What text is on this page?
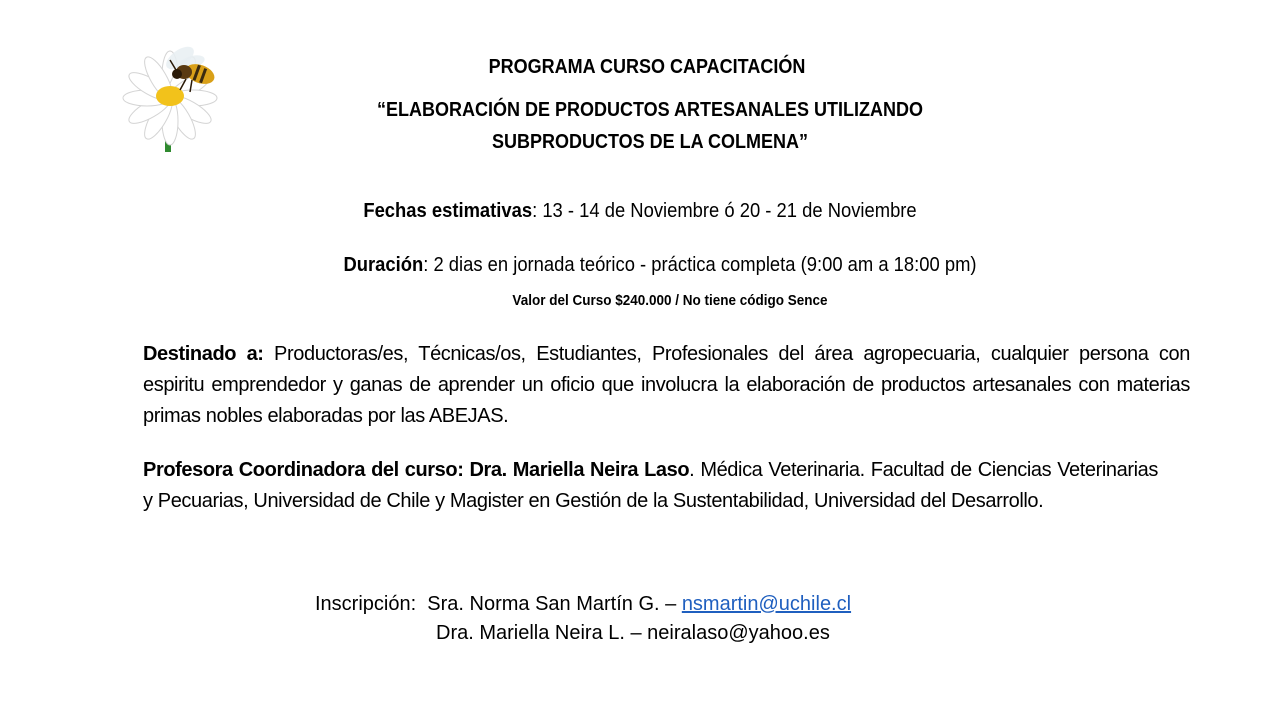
PROGRAMA CURSO CAPACITACIÓN
“ELABORACIÓN DE PRODUCTOS ARTESANALES UTILIZANDO
SUBPRODUCTOS DE LA COLMENA”
Fechas estimativas: 13 - 14 de Noviembre ó 20 - 21 de Noviembre
Duración: 2 dias en jornada teórico - práctica completa (9:00 am a 18:00 pm)
Valor del Curso $240.000 / No tiene código Sence
Destinado a: Productoras/es, Técnicas/os, Estudiantes, Profesionales del área agropecuaria, cualquier persona con espiritu emprendedor y ganas de aprender un oficio que involucra la elaboración de productos artesanales con materias primas nobles elaboradas por las ABEJAS.
Profesora Coordinadora del curso: Dra. Mariella Neira Laso. Médica Veterinaria. Facultad de Ciencias Veterinarias y Pecuarias, Universidad de Chile y Magister en Gestión de la Sustentabilidad, Universidad del Desarrollo.
Inscripción: Sra. Norma San Martín G. – nsmartin@uchile.cl
Dra. Mariella Neira L. – neiralaso@yahoo.es
